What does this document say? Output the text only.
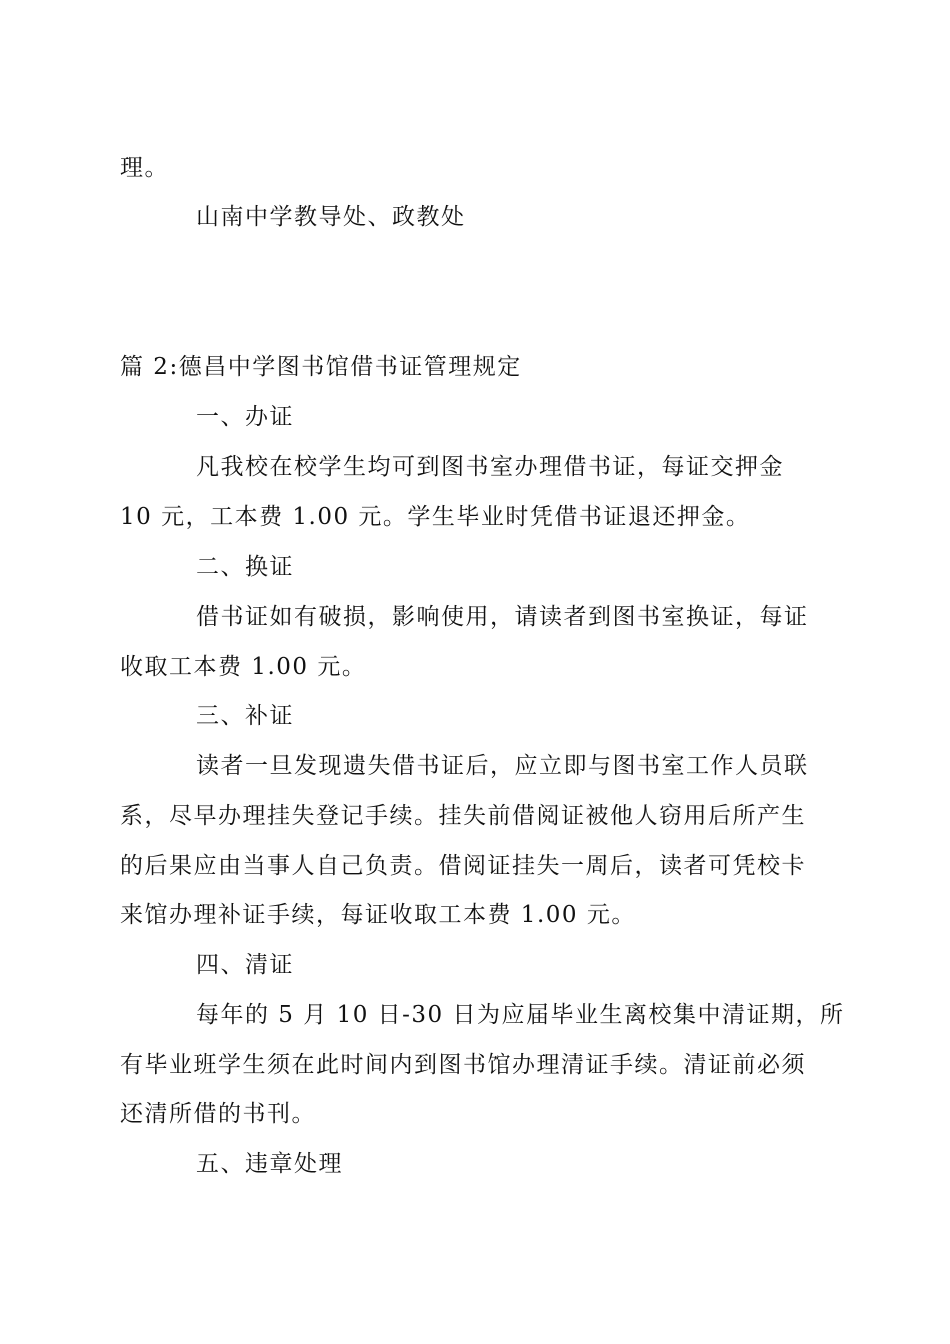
理。
山南中学教导处、政教处
篇 2:德昌中学图书馆借书证管理规定
一、办证
凡我校在校学生均可到图书室办理借书证，每证交押金
10 元，工本费 1.00 元。学生毕业时凭借书证退还押金。
二、换证
借书证如有破损，影响使用，请读者到图书室换证，每证
收取工本费 1.00 元。
三、补证
读者一旦发现遗失借书证后，应立即与图书室工作人员联
系，尽早办理挂失登记手续。挂失前借阅证被他人窃用后所产生
的后果应由当事人自己负责。借阅证挂失一周后，读者可凭校卡
来馆办理补证手续，每证收取工本费 1.00 元。
四、清证
每年的 5 月 10 日-30 日为应届毕业生离校集中清证期，所
有毕业班学生须在此时间内到图书馆办理清证手续。清证前必须
还清所借的书刊。
五、违章处理
